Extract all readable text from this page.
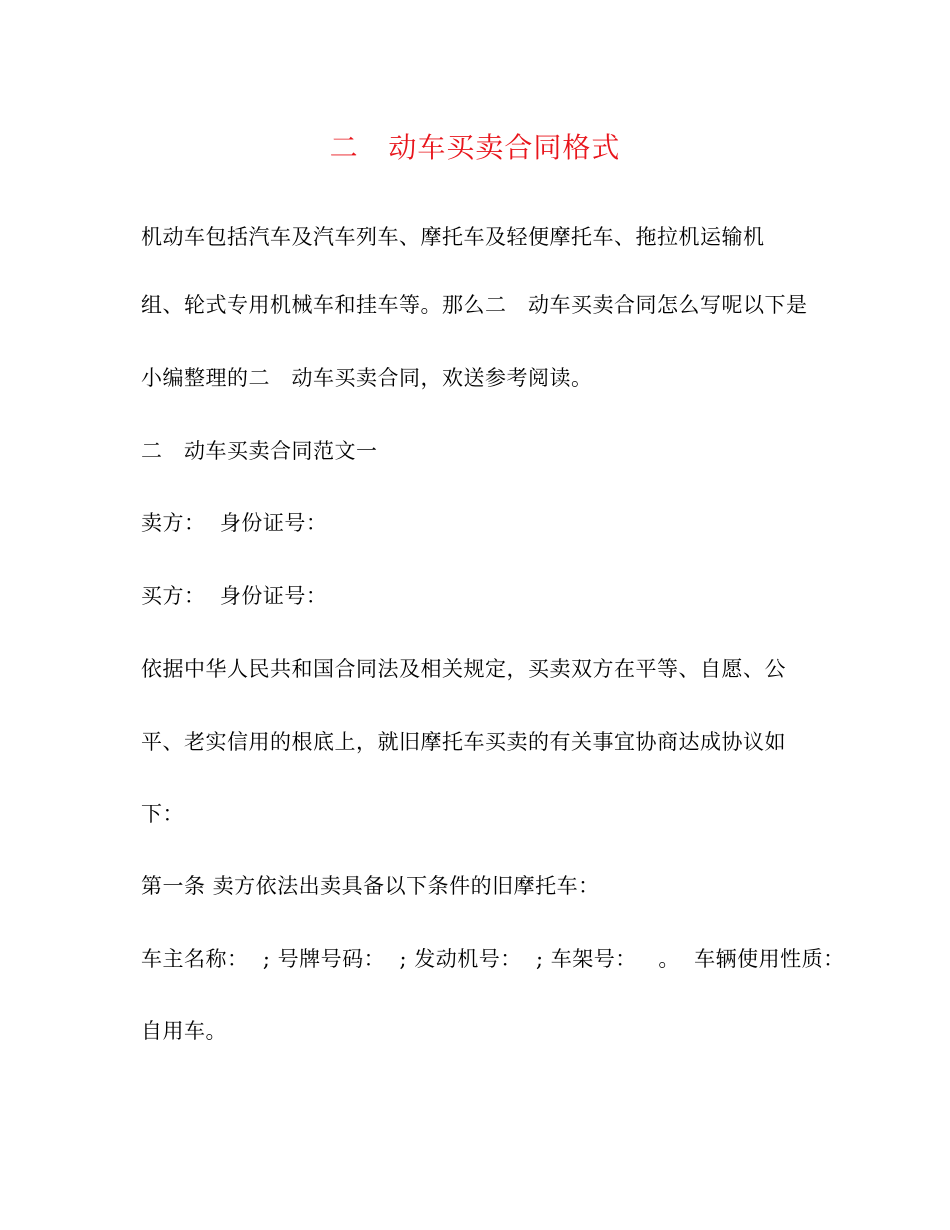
二   动车买卖合同格式
机动车包括汽车及汽车列车、摩托车及轻便摩托车、拖拉机运输机
组、轮式专用机械车和挂车等。那么二   动车买卖合同怎么写呢以下是
小编整理的二   动车买卖合同，欢送参考阅读。
二   动车买卖合同范文一
卖方：  身份证号：
买方：  身份证号：
依据中华人民共和国合同法及相关规定，买卖双方在平等、自愿、公
平、老实信用的根底上，就旧摩托车买卖的有关事宜协商达成协议如
下：
第一条 卖方依法出卖具备以下条件的旧摩托车：
车主名称：  ; 号牌号码：  ; 发动机号：  ; 车架号：   。  车辆使用性质：
自用车。
